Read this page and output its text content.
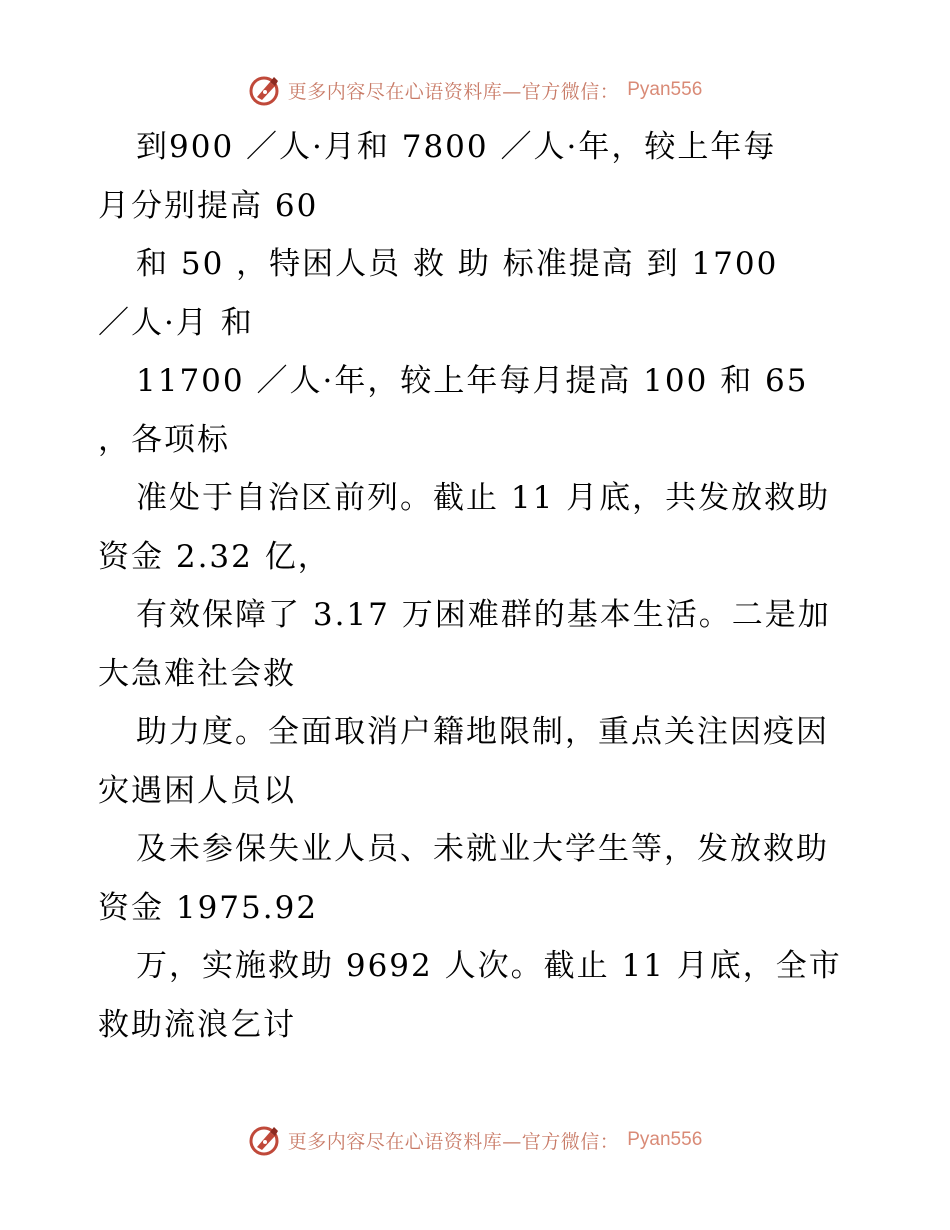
更多内容尽在心语资料库—官方微信： Pyan556
到900 ／人·月和 7800 ／人·年，较上年每
月分别提高 60
和 50 ，特困人员 救 助 标准提高 到 1700
／人·月 和
11700 ／人·年，较上年每月提高 100 和 65
，各项标
准处于自治区前列。截止 11 月底，共发放救助
资金 2.32 亿，
有效保障了 3.17 万困难群的基本生活。二是加
大急难社会救
助力度。全面取消户籍地限制，重点关注因疫因
灾遇困人员以
及未参保失业人员、未就业大学生等，发放救助
资金 1975.92
万，实施救助 9692 人次。截止 11 月底，全市
救助流浪乞讨
更多内容尽在心语资料库—官方微信： Pyan556
